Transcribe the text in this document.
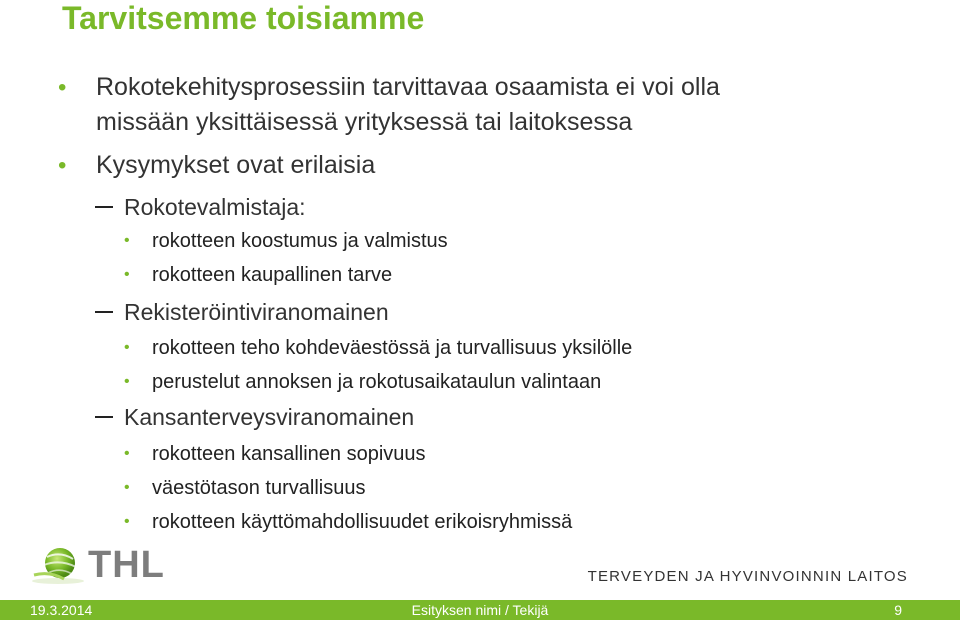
Tarvitsemme toisiamme
• Rokotekehitysprosessiin tarvittavaa osaamista ei voi olla
missään yksittäisessä yrityksessä tai laitoksessa
• Kysymykset ovat erilaisia
Rokotevalmistaja:
• rokotteen koostumus ja valmistus
• rokotteen kaupallinen tarve
Rekisteröintiviranomainen
• rokotteen teho kohdeväestössä ja turvallisuus yksilölle
• perustelut annoksen ja rokotusaikataulun valintaan
Kansanterveysviranomainen
• rokotteen kansallinen sopivuus
• väestötason turvallisuus
• rokotteen käyttömahdollisuudet erikoisryhmissä
THL	TERVEYDEN JA HYVINVOINNIN LAITOS
19.3.2014	Esityksen nimi / Tekijä	9
